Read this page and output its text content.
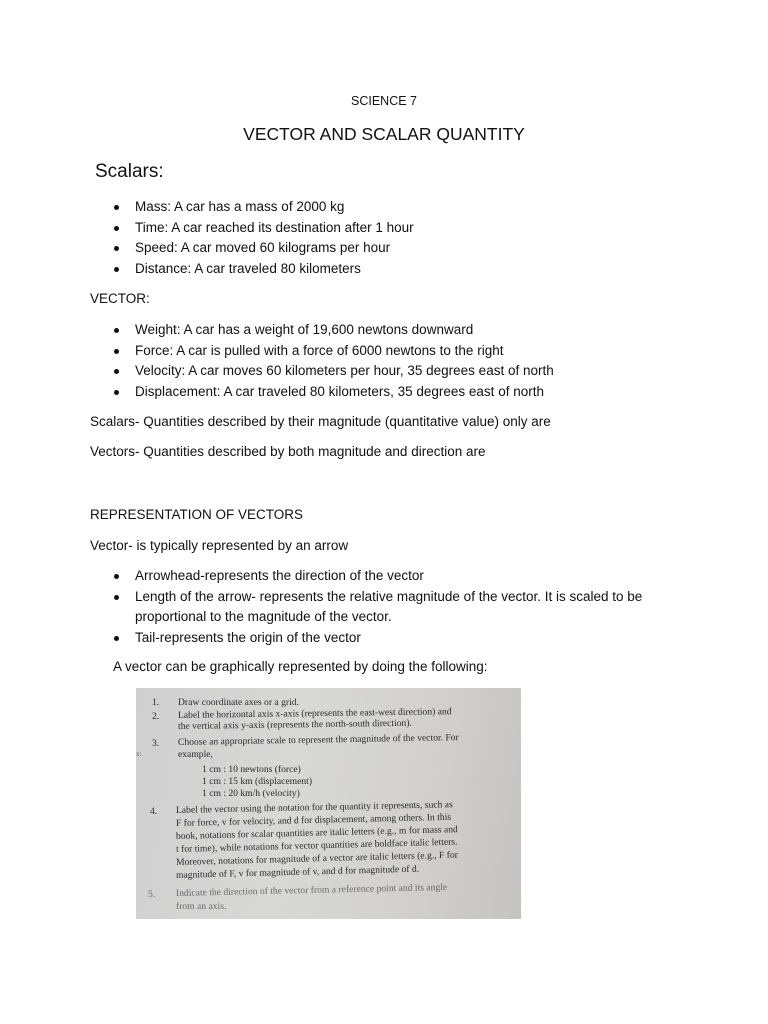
SCIENCE 7
VECTOR AND SCALAR QUANTITY
Scalars:
Mass: A car has a mass of 2000 kg
Time: A car reached its destination after 1 hour
Speed: A car moved 60 kilograms per hour
Distance: A car traveled 80 kilometers
VECTOR:
Weight: A car has a weight of 19,600 newtons downward
Force: A car is pulled with a force of 6000 newtons to the right
Velocity: A car moves 60 kilometers per hour, 35 degrees east of north
Displacement: A car traveled 80 kilometers, 35 degrees east of north
Scalars- Quantities described by their magnitude (quantitative value) only are
Vectors- Quantities described by both magnitude and direction are
REPRESENTATION OF VECTORS
Vector- is typically represented by an arrow
Arrowhead-represents the direction of the vector
Length of the arrow- represents the relative magnitude of the vector. It is scaled to be
proportional to the magnitude of the vector.
Tail-represents the origin of the vector
A vector can be graphically represented by doing the following:
1.
2.
3.
4.
5.
x:
Draw coordinate axes or a grid.
Label the horizontal axis x-axis (represents the east-west direction) and
the vertical axis y-axis (represents the north-south direction).
Choose an appropriate scale to represent the magnitude of the vector. For
example,
1 cm : 10 newtons (force)
1 cm : 15 km (displacement)
1 cm : 20 km/h (velocity)
Label the vector using the notation for the quantity it represents, such as
F for force, v for velocity, and d for displacement, among others. In this
book, notations for scalar quantities are italic letters (e.g., m for mass and
t for time), while notations for vector quantities are boldface italic letters.
Moreover, notations for magnitude of a vector are italic letters (e.g., F for
magnitude of F, v for magnitude of v, and d for magnitude of d.
Indicate the direction of the vector from a reference point and its angle
from an axis.
